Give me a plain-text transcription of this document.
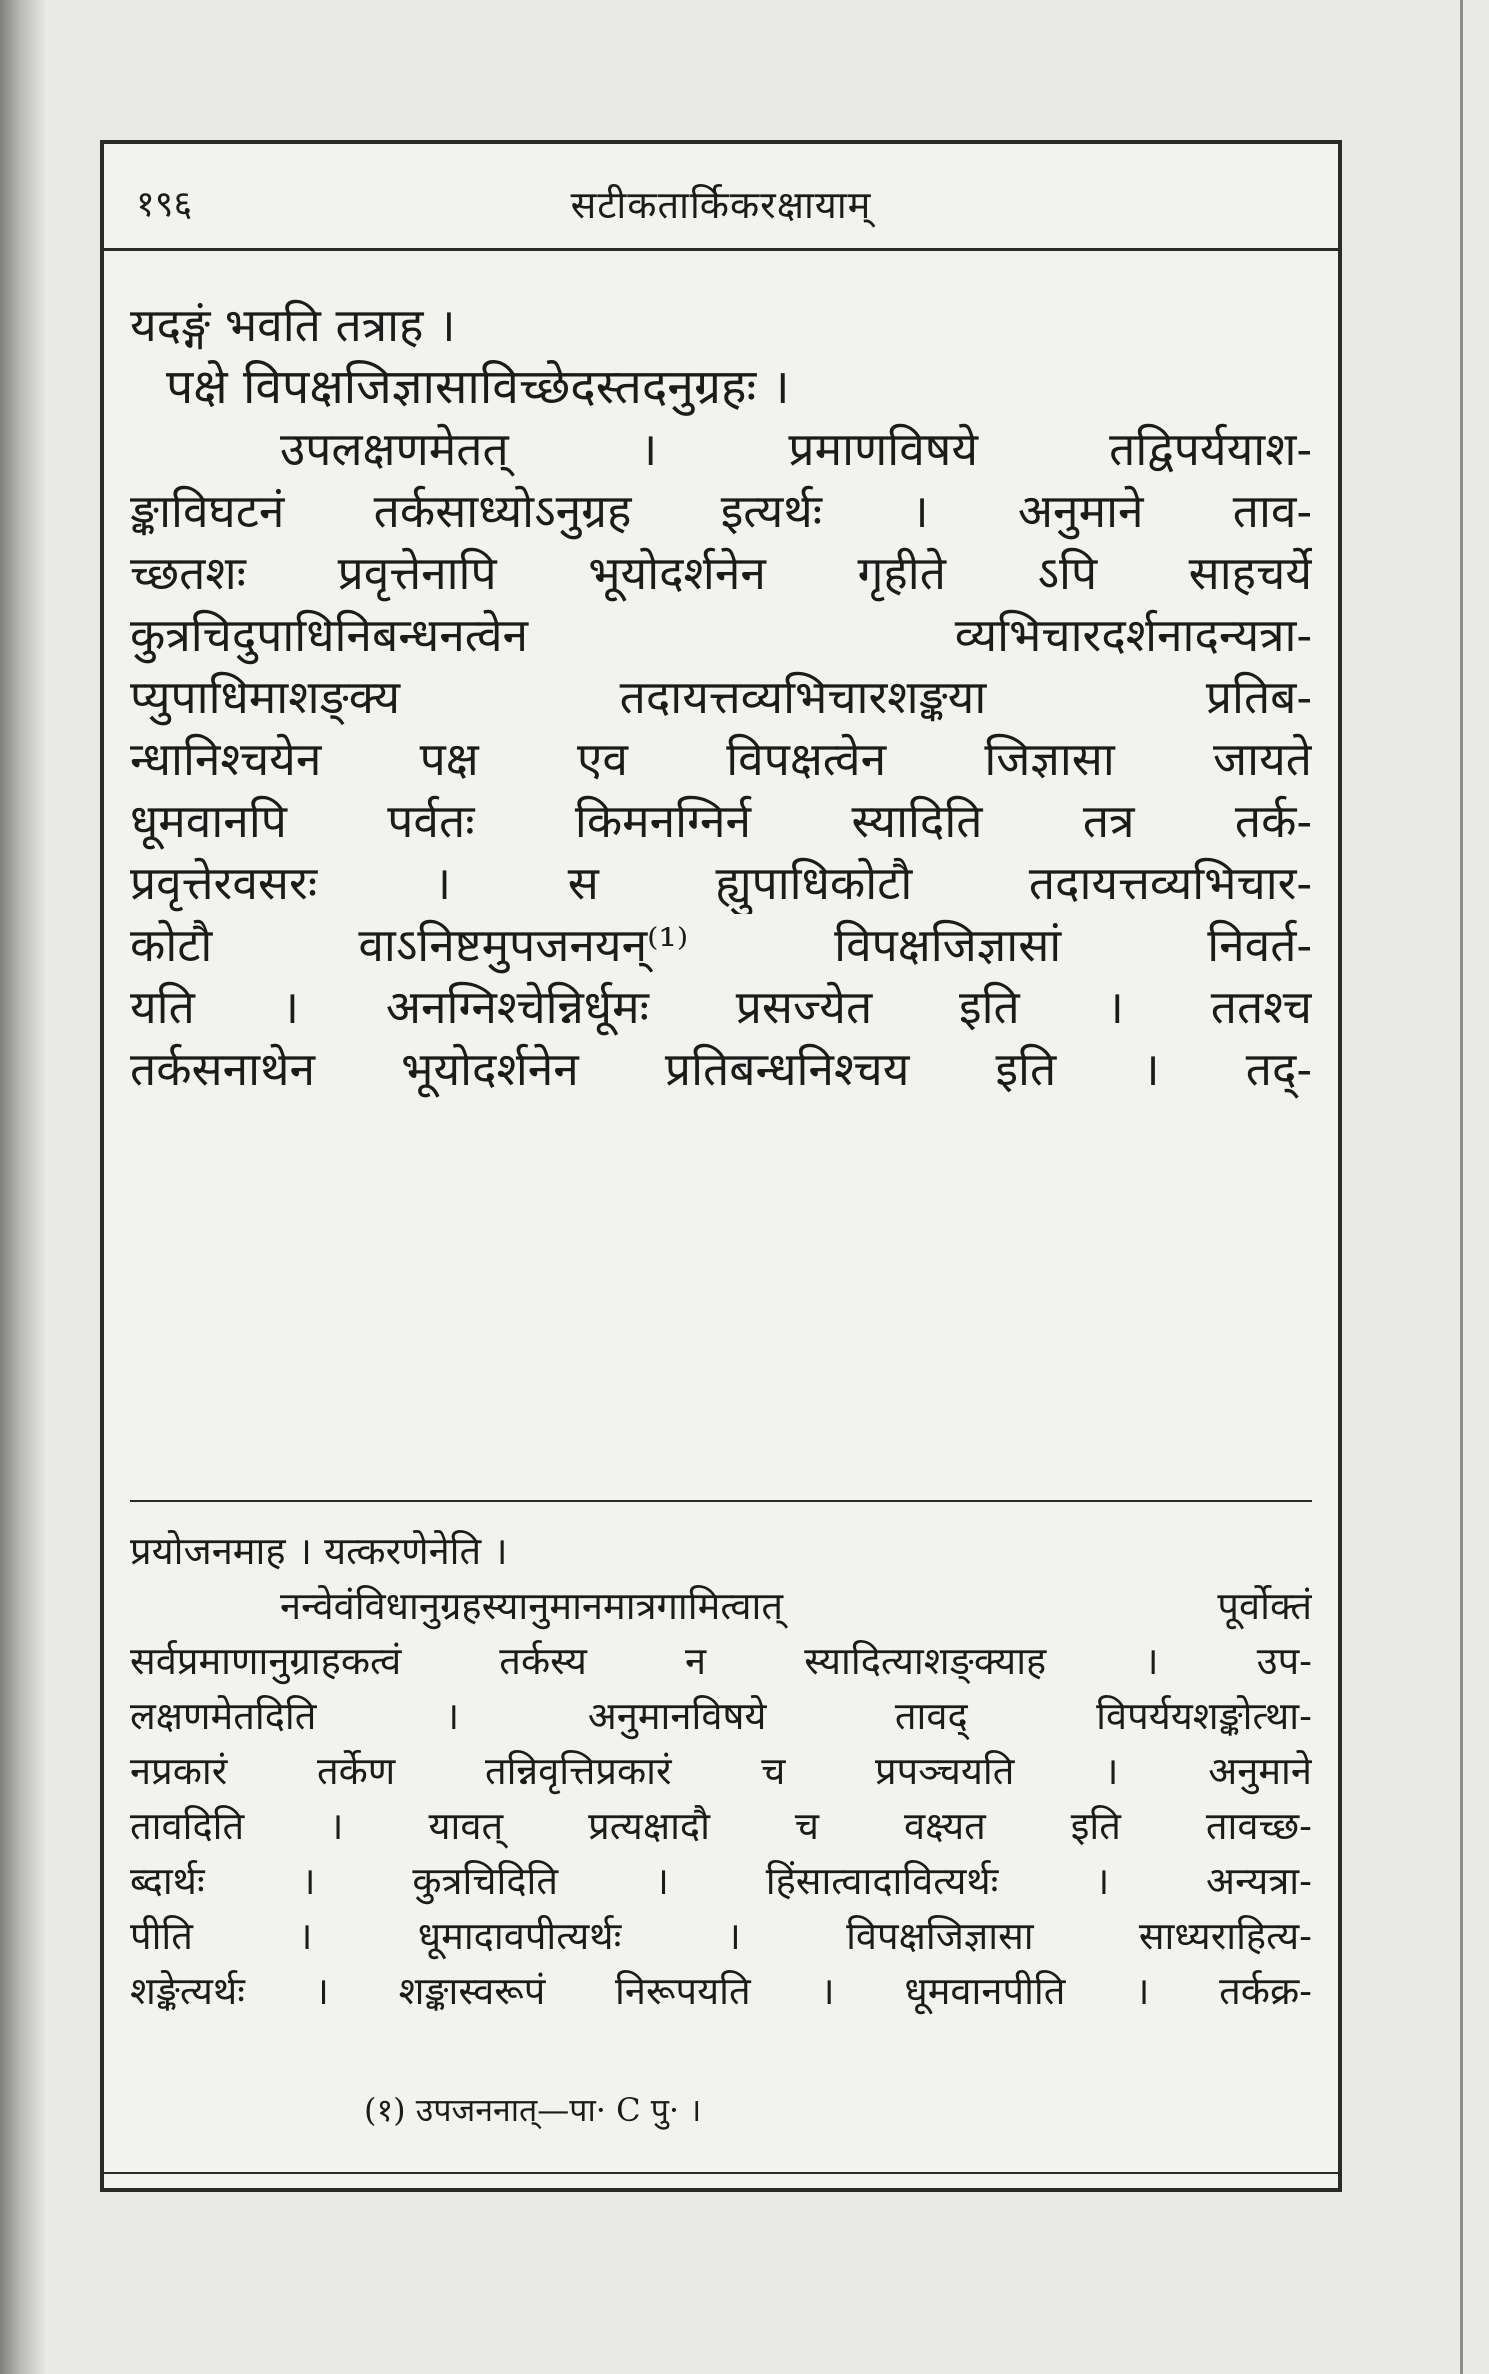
१९६	सटीकतार्किकरक्षायाम्

यदङ्गं भवति तत्राह ।

पक्षे विपक्षजिज्ञासाविच्छेदस्तदनुग्रहः ।

उपलक्षणमेतत् । प्रमाणविषये तद्विपर्ययाश-

ङ्काविघटनं तर्कसाध्योऽनुग्रह इत्यर्थः । अनुमाने ताव-

च्छतशः प्रवृत्तेनापि भूयोदर्शनेन गृहीते ऽपि साहचर्ये

कुत्रचिदुपाधिनिबन्धनत्वेन व्यभिचारदर्शनादन्यत्रा-

प्युपाधिमाशङ्क्य तदायत्तव्यभिचारशङ्कया प्रतिब-

न्धानिश्चयेन पक्ष एव विपक्षत्वेन जिज्ञासा जायते

धूमवानपि पर्वतः किमनग्निर्न स्यादिति तत्र तर्क-

प्रवृत्तेरवसरः । स ह्युपाधिकोटौ तदायत्तव्यभिचार-

कोटौ वाऽनिष्टमुपजनयन्⁽¹⁾ विपक्षजिज्ञासां निवर्त-

यति । अनग्निश्चेन्निर्धूमः प्रसज्येत इति । ततश्च

तर्कसनाथेन भूयोदर्शनेन प्रतिबन्धनिश्चय इति । तद्-

प्रयोजनमाह । यत्करणेनेति ।

नन्वेवंविधानुग्रहस्यानुमानमात्रगामित्वात् पूर्वोक्तं

सर्वप्रमाणानुग्राहकत्वं तर्कस्य न स्यादित्याशङ्क्याह । उप-

लक्षणमेतदिति । अनुमानविषये तावद् विपर्ययशङ्कोत्था-

नप्रकारं तर्केण तन्निवृत्तिप्रकारं च प्रपञ्चयति । अनुमाने

तावदिति । यावत् प्रत्यक्षादौ च वक्ष्यत इति तावच्छ-

ब्दार्थः । कुत्रचिदिति । हिंसात्वादावित्यर्थः । अन्यत्रा-

पीति । धूमादावपीत्यर्थः । विपक्षजिज्ञासा साध्यराहित्य-

शङ्केत्यर्थः । शङ्कास्वरूपं निरूपयति । धूमवानपीति । तर्कक्र-

(१) उपजननात्—पा· C पु· ।
